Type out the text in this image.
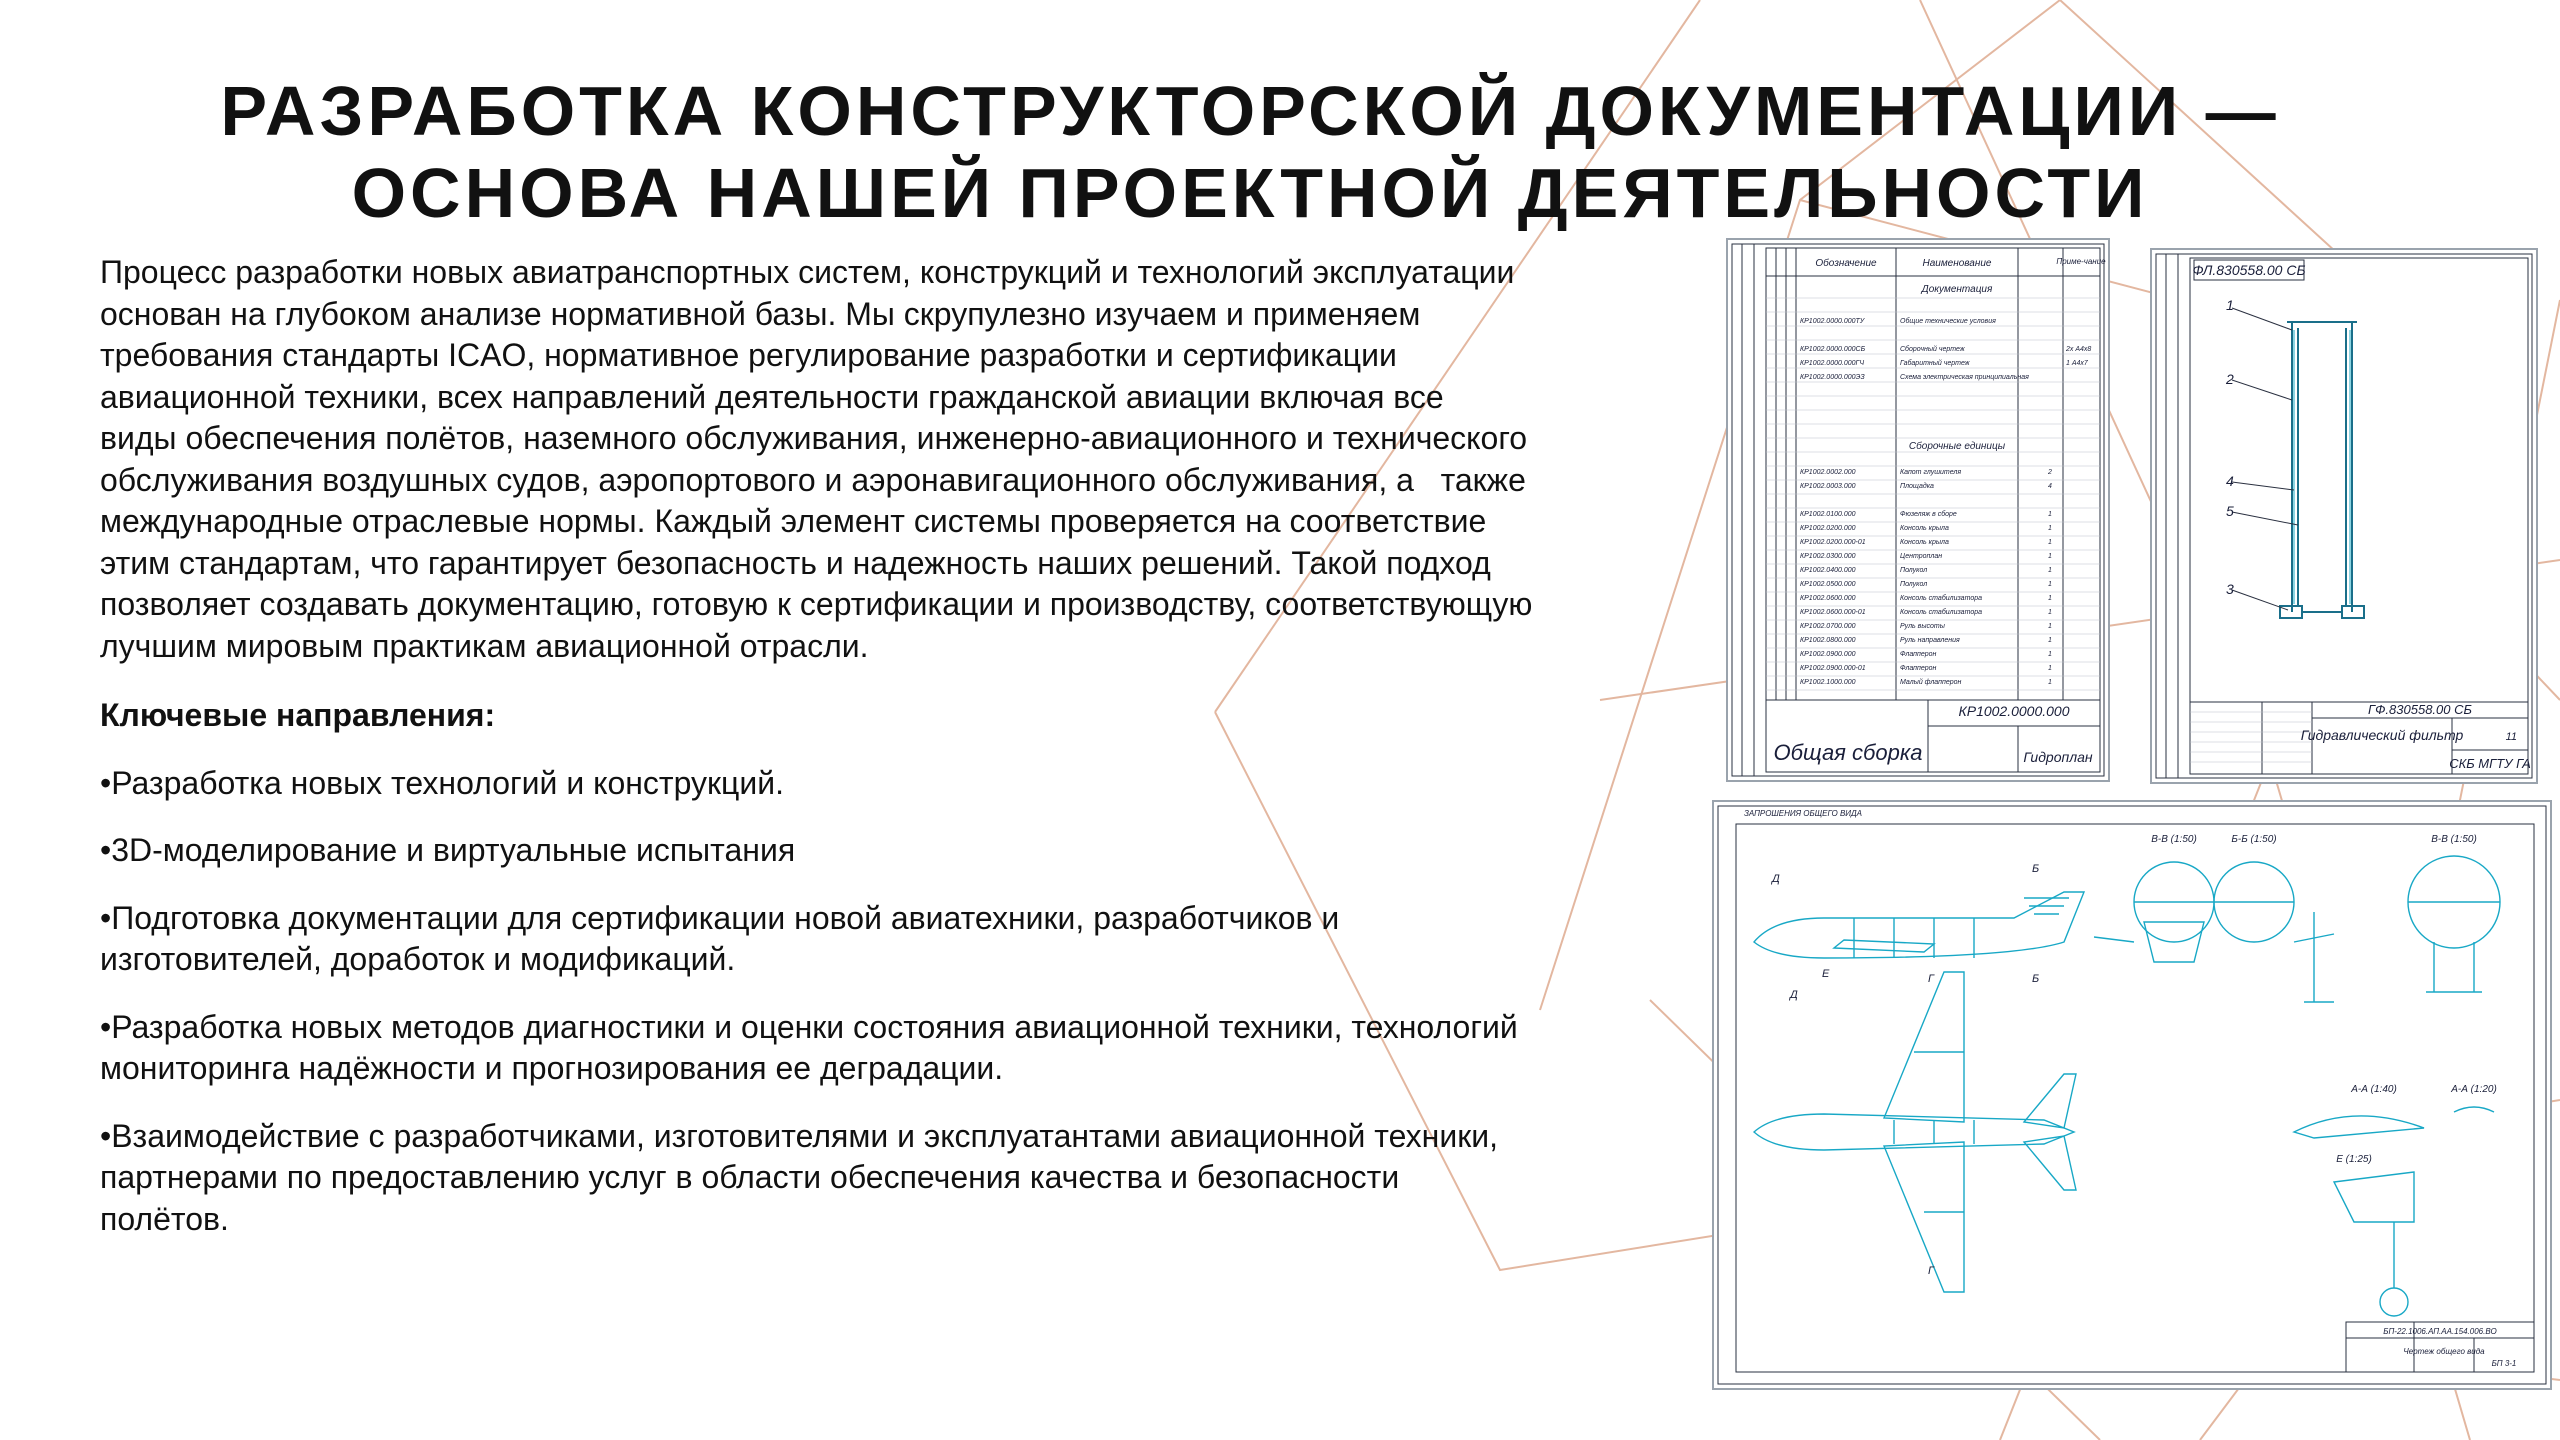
РАЗРАБОТКА КОНСТРУКТОРСКОЙ ДОКУМЕНТАЦИИ —
ОСНОВА НАШЕЙ ПРОЕКТНОЙ ДЕЯТЕЛЬНОСТИ

Процесс разработки новых авиатранспортных систем, конструкций и технологий эксплуатации
основан на глубоком анализе нормативной базы. Мы скрупулезно изучаем и применяем
требования стандарты ICAO, нормативное регулирование разработки и сертификации
авиационной техники, всех направлений деятельности гражданской авиации включая все
виды обеспечения полётов, наземного обслуживания, инженерно-авиационного и технического
обслуживания воздушных судов, аэропортового и аэронавигационного обслуживания, а   также
международные отраслевые нормы. Каждый элемент системы проверяется на соответствие
этим стандартам, что гарантирует безопасность и надежность наших решений. Такой подход
позволяет создавать документацию, готовую к сертификации и производству, соответствующую
лучшим мировым практикам авиационной отрасли.

Ключевые направления:

•Разработка новых технологий и конструкций.

•3D-моделирование и виртуальные испытания

•Подготовка документации для сертификации новой авиатехники, разработчиков и
изготовителей, доработок и модификаций.

•Разработка новых методов диагностики и оценки состояния авиационной техники, технологий
мониторинга надёжности и прогнозирования ее деградации.

•Взаимодействие с разработчиками, изготовителями и эксплуатантами авиационной техники,
партнерами по предоставлению услуг в области обеспечения качества и безопасности
полётов.

Обозначение	Наименование	Приме-чание
Документация
КР1002.0000.000ТУ	Общие технические условия
КР1002.0000.000СБ	Сборочный чертеж	2x А4x8
КР1002.0000.000ГЧ	Габаритный чертеж	1 А4x7
КР1002.0000.000ЭЗ	Схема электрическая принципиальная
Сборочные единицы
КР1002.0002.000	Капот глушителя	2
КР1002.0003.000	Площадка	4
КР1002.0100.000	Фюзеляж в сборе	1
КР1002.0200.000	Консоль крыла	1
КР1002.0200.000-01	Консоль крыла	1
КР1002.0300.000	Центроплан	1
КР1002.0400.000	Полукол	1
КР1002.0500.000	Полукол	1
КР1002.0600.000	Консоль стабилизатора	1
КР1002.0600.000-01	Консоль стабилизатора	1
КР1002.0700.000	Руль высоты	1
КР1002.0800.000	Руль направления	1
КР1002.0900.000	Флапперон	1
КР1002.0900.000-01	Флапперон	1
КР1002.1000.000	Малый флапперон	1
КР1002.0000.000
Общая сборка	Гидроплан
ФЛ.830558.00 СБ
1
2
4
5
3
ГФ.830558.00 СБ
Гидравлический фильтр	11
СКБ МГТУ ГА
ЗАПРОШЕНИЯ ОБЩЕГО ВИДА
В-В (1:50)	Б-Б (1:50)	В-В (1:50)
А-А (1:40)	А-А (1:20)
Е (1:25)
Д
Д
Е
Б
Б
Г
Г
БП-22.1006.АП.АА.154.006.ВО
Чертеж общего вида
БП 3-1
